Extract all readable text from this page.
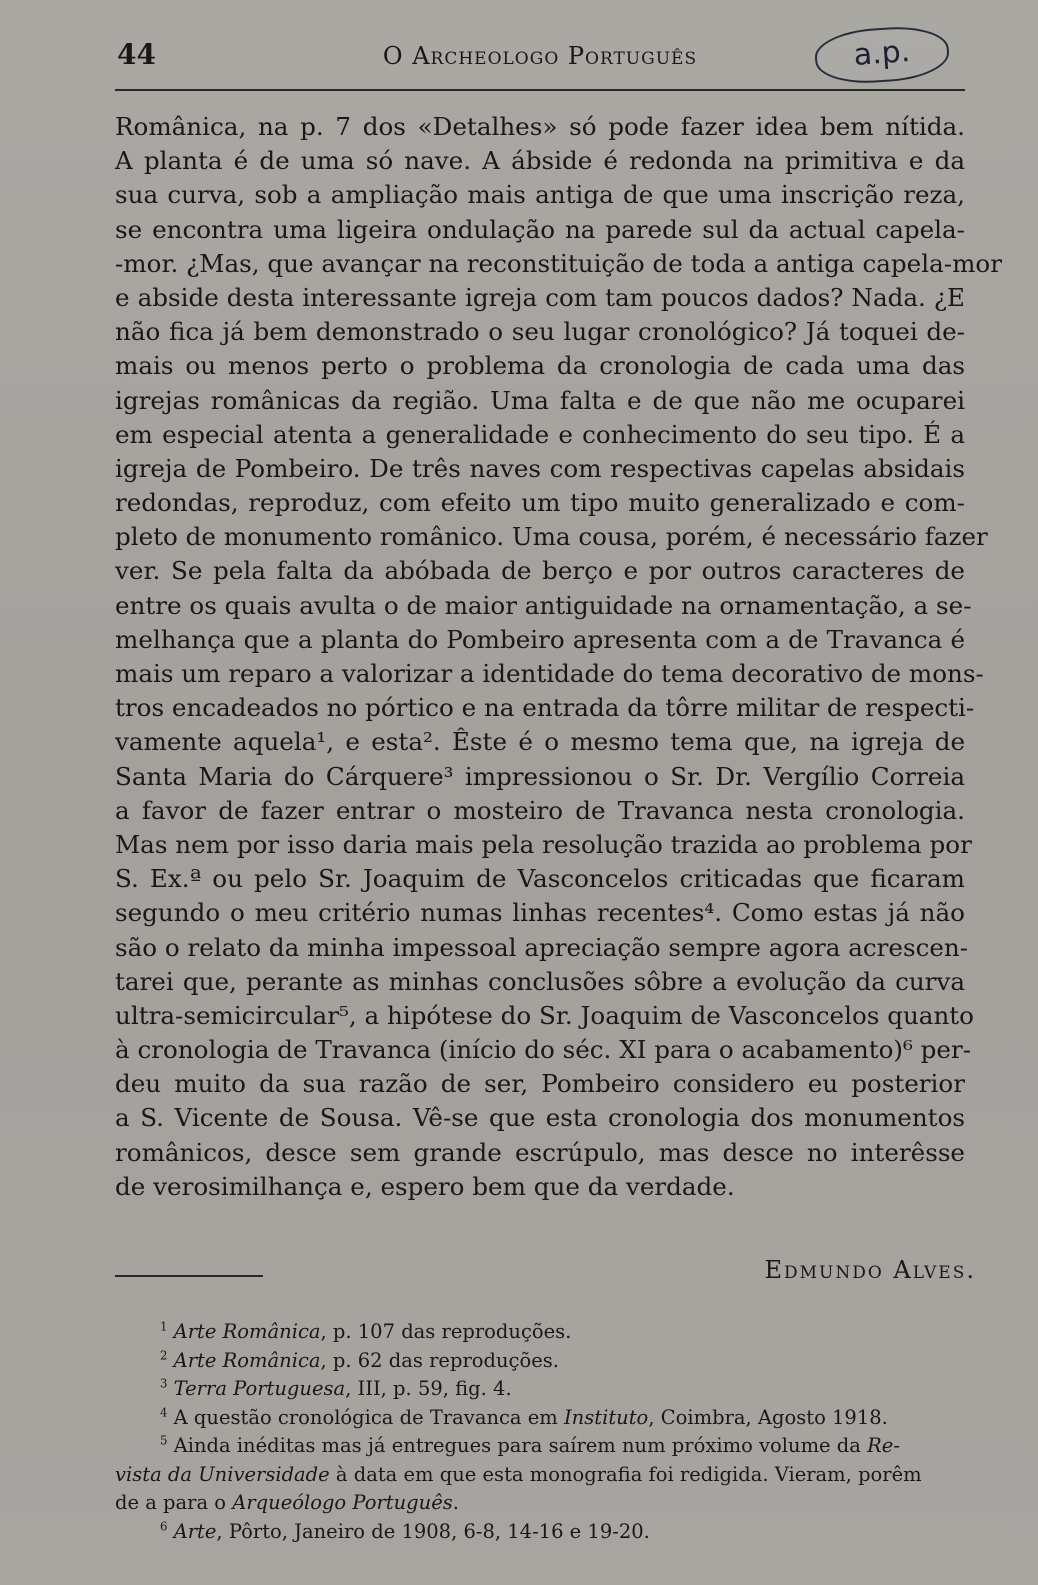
44	O Archeologo Português	a.p.
Românica, na p. 7 dos «Detalhes» só pode fazer idea bem nítida.
A planta é de uma só nave. A ábside é redonda na primitiva e da
sua curva, sob a ampliação mais antiga de que uma inscrição reza,
se encontra uma ligeira ondulação na parede sul da actual capela-
-mor. ¿Mas, que avançar na reconstituição de toda a antiga capela-mor
e abside desta interessante igreja com tam poucos dados? Nada. ¿E
não fica já bem demonstrado o seu lugar cronológico? Já toquei de-
mais ou menos perto o problema da cronologia de cada uma das
igrejas românicas da região. Uma falta e de que não me ocuparei
em especial atenta a generalidade e conhecimento do seu tipo. É a
igreja de Pombeiro. De três naves com respectivas capelas absidais
redondas, reproduz, com efeito um tipo muito generalizado e com-
pleto de monumento românico. Uma cousa, porém, é necessário fazer
ver. Se pela falta da abóbada de berço e por outros caracteres de
entre os quais avulta o de maior antiguidade na ornamentação, a se-
melhança que a planta do Pombeiro apresenta com a de Travanca é
mais um reparo a valorizar a identidade do tema decorativo de mons-
tros encadeados no pórtico e na entrada da tôrre militar de respecti-
vamente aquela¹, e esta². Êste é o mesmo tema que, na igreja de
Santa Maria do Cárquere³ impressionou o Sr. Dr. Vergílio Correia
a favor de fazer entrar o mosteiro de Travanca nesta cronologia.
Mas nem por isso daria mais pela resolução trazida ao problema por
S. Ex.ª ou pelo Sr. Joaquim de Vasconcelos criticadas que ficaram
segundo o meu critério numas linhas recentes⁴. Como estas já não
são o relato da minha impessoal apreciação sempre agora acrescen-
tarei que, perante as minhas conclusões sôbre a evolução da curva
ultra-semicircular⁵, a hipótese do Sr. Joaquim de Vasconcelos quanto
à cronologia de Travanca (início do séc. XI para o acabamento)⁶ per-
deu muito da sua razão de ser, Pombeiro considero eu posterior
a S. Vicente de Sousa. Vê-se que esta cronologia dos monumentos
românicos, desce sem grande escrúpulo, mas desce no interêsse
de verosimilhança e, espero bem que da verdade.
Edmundo Alves.
$^1$ Arte Românica, p. 107 das reproduções.
$^2$ Arte Românica, p. 62 das reproduções.
$^3$ Terra Portuguesa, III, p. 59, fig. 4.
$^4$ A questão cronológica de Travanca em Instituto, Coimbra, Agosto 1918.
$^5$ Ainda inéditas mas já entregues para saírem num próximo volume da Re-
vista da Universidade à data em que esta monografia foi redigida. Vieram, porêm
de a para o Arqueólogo Português.
$^6$ Arte, Pôrto, Janeiro de 1908, 6-8, 14-16 e 19-20.
